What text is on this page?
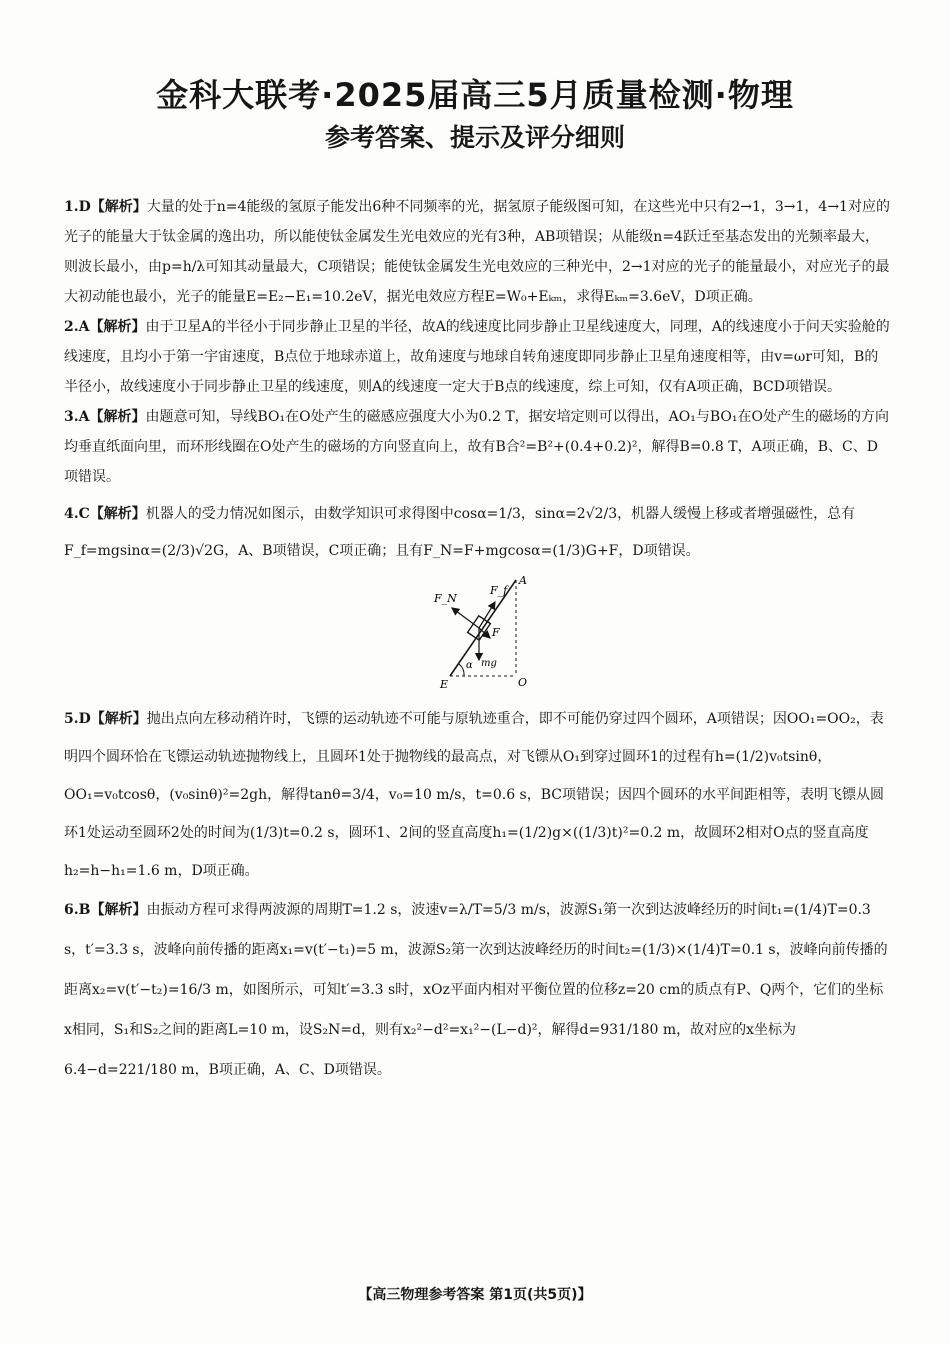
金科大联考·2025届高三5月质量检测·物理
参考答案、提示及评分细则

1.D【解析】大量的处于n=4能级的氢原子能发出6种不同频率的光，据氢原子能级图可知，在这些光中只有2→1，3→1，4→1对应的光子的能量大于钛金属的逸出功，所以能使钛金属发生光电效应的光有3种，AB项错误；从能级n=4跃迁至基态发出的光频率最大，则波长最小，由p=h/λ可知其动量最大，C项错误；能使钛金属发生光电效应的三种光中，2→1对应的光子的能量最小，对应光子的最大初动能也最小，光子的能量E=E₂−E₁=10.2eV，据光电效应方程E=W₀+Eₖₘ，求得Eₖₘ=3.6eV，D项正确。

2.A【解析】由于卫星A的半径小于同步静止卫星的半径，故A的线速度比同步静止卫星线速度大，同理，A的线速度小于问天实验舱的线速度，且均小于第一宇宙速度，B点位于地球赤道上，故角速度与地球自转角速度即同步静止卫星角速度相等，由v=ωr可知，B的半径小，故线速度小于同步静止卫星的线速度，则A的线速度一定大于B点的线速度，综上可知，仅有A项正确，BCD项错误。

3.A【解析】由题意可知，导线BO₁在O处产生的磁感应强度大小为0.2 T，据安培定则可以得出，AO₁与BO₁在O处产生的磁场的方向均垂直纸面向里，而环形线圈在O处产生的磁场的方向竖直向上，故有B合²=B²+(0.4+0.2)²，解得B=0.8 T，A项正确，B、C、D项错误。

4.C【解析】机器人的受力情况如图示，由数学知识可求得图中cosα=1/3，sinα=2√2/3，机器人缓慢上移或者增强磁性，总有F_f=mgsinα=(2/3)√2G，A、B项错误，C项正确；且有F_N=F+mgcosα=(1/3)G+F，D项错误。

F_N
F_f
A
F
α mg
E	O

5.D【解析】抛出点向左移动稍许时，飞镖的运动轨迹不可能与原轨迹重合，即不可能仍穿过四个圆环，A项错误；因OO₁=OO₂，表明四个圆环恰在飞镖运动轨迹抛物线上，且圆环1处于抛物线的最高点，对飞镖从O₁到穿过圆环1的过程有h=(1/2)v₀tsinθ，OO₁=v₀tcosθ，(v₀sinθ)²=2gh，解得tanθ=3/4，v₀=10 m/s，t=0.6 s，BC项错误；因四个圆环的水平间距相等，表明飞镖从圆环1处运动至圆环2处的时间为(1/3)t=0.2 s，圆环1、2间的竖直高度h₁=(1/2)g×((1/3)t)²=0.2 m，故圆环2相对O点的竖直高度h₂=h−h₁=1.6 m，D项正确。

6.B【解析】由振动方程可求得两波源的周期T=1.2 s，波速v=λ/T=5/3 m/s，波源S₁第一次到达波峰经历的时间t₁=(1/4)T=0.3 s，t′=3.3 s，波峰向前传播的距离x₁=v(t′−t₁)=5 m，波源S₂第一次到达波峰经历的时间t₂=(1/3)×(1/4)T=0.1 s，波峰向前传播的距离x₂=v(t′−t₂)=16/3 m，如图所示，可知t′=3.3 s时，xOz平面内相对平衡位置的位移z=20 cm的质点有P、Q两个，它们的坐标x相同，S₁和S₂之间的距离L=10 m，设S₂N=d，则有x₂²−d²=x₁²−(L−d)²，解得d=931/180 m，故对应的x坐标为6.4−d=221/180 m，B项正确，A、C、D项错误。

【高三物理参考答案 第1页(共5页)】
